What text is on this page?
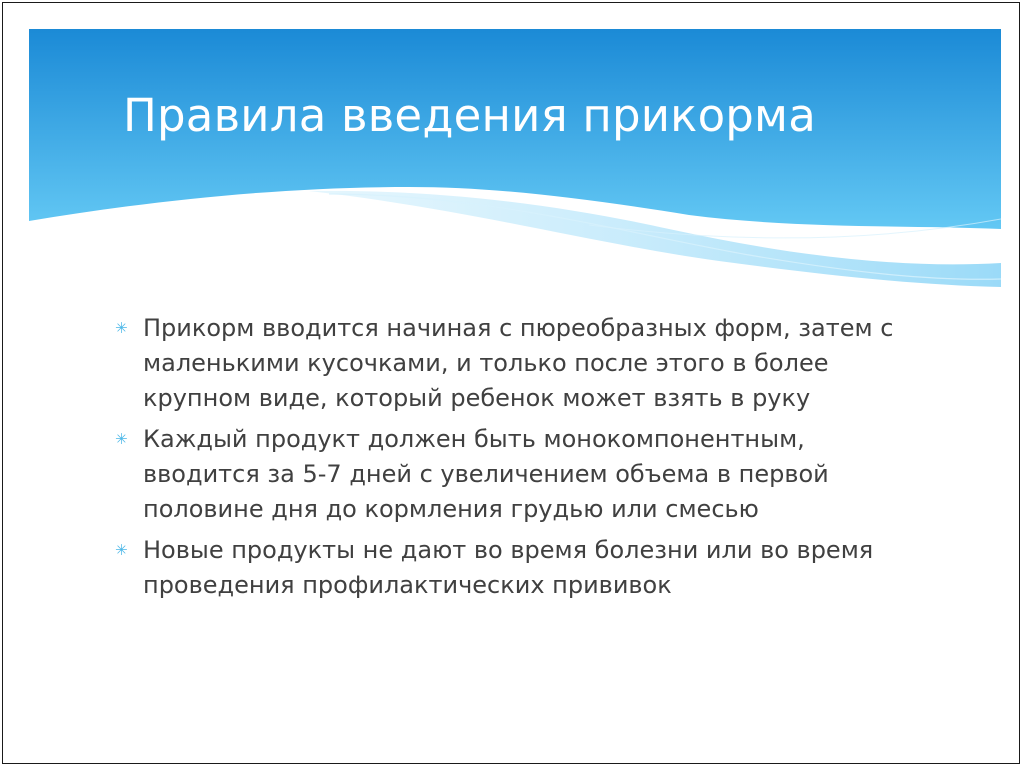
Правила введения прикорма
✳ Прикорм вводится начиная с пюреобразных форм, затем с маленькими кусочками, и только после этого в более крупном виде, который ребенок может взять в руку
✳ Каждый продукт должен быть монокомпонентным, вводится за 5-7 дней с увеличением объема в первой половине дня до кормления грудью или смесью
✳ Новые продукты не дают во время болезни или во время проведения профилактических прививок
